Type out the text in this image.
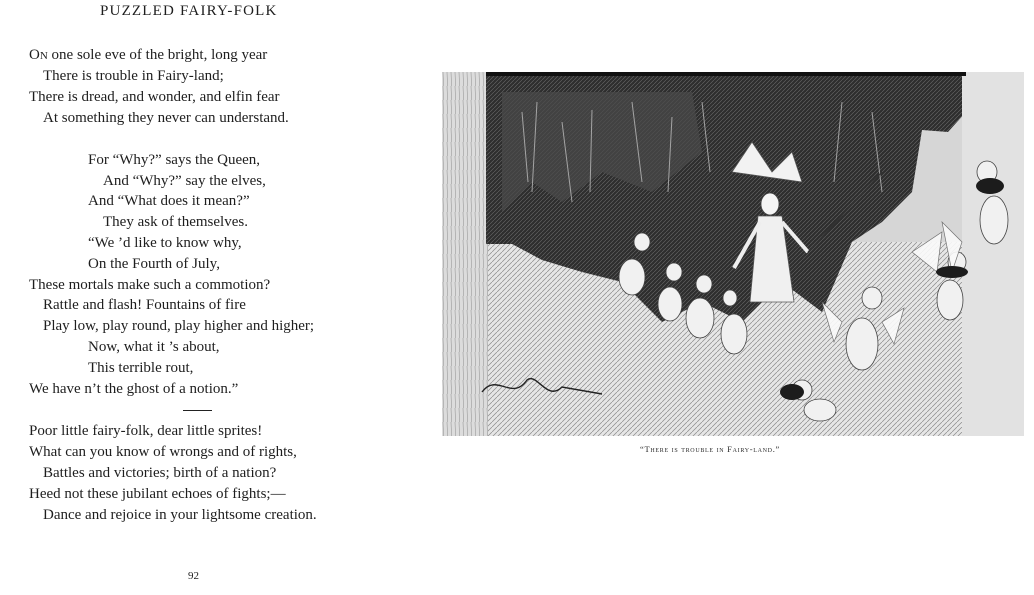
PUZZLED FAIRY-FOLK
On one sole eve of the bright, long year
There is trouble in Fairy-land;
There is dread, and wonder, and elfin fear
At something they never can understand.
For “Why?” says the Queen,
And “Why?” say the elves,
And “What does it mean?”
They ask of themselves.
“We ’d like to know why,
On the Fourth of July,
These mortals make such a commotion?
Rattle and flash! Fountains of fire
Play low, play round, play higher and higher;
Now, what it ’s about,
This terrible rout,
We have n’t the ghost of a notion.”
Poor little fairy-folk, dear little sprites!
What can you know of wrongs and of rights,
Battles and victories; birth of a nation?
Heed not these jubilant echoes of fights;—
Dance and rejoice in your lightsome creation.
92
“There is trouble in Fairy-land.”
